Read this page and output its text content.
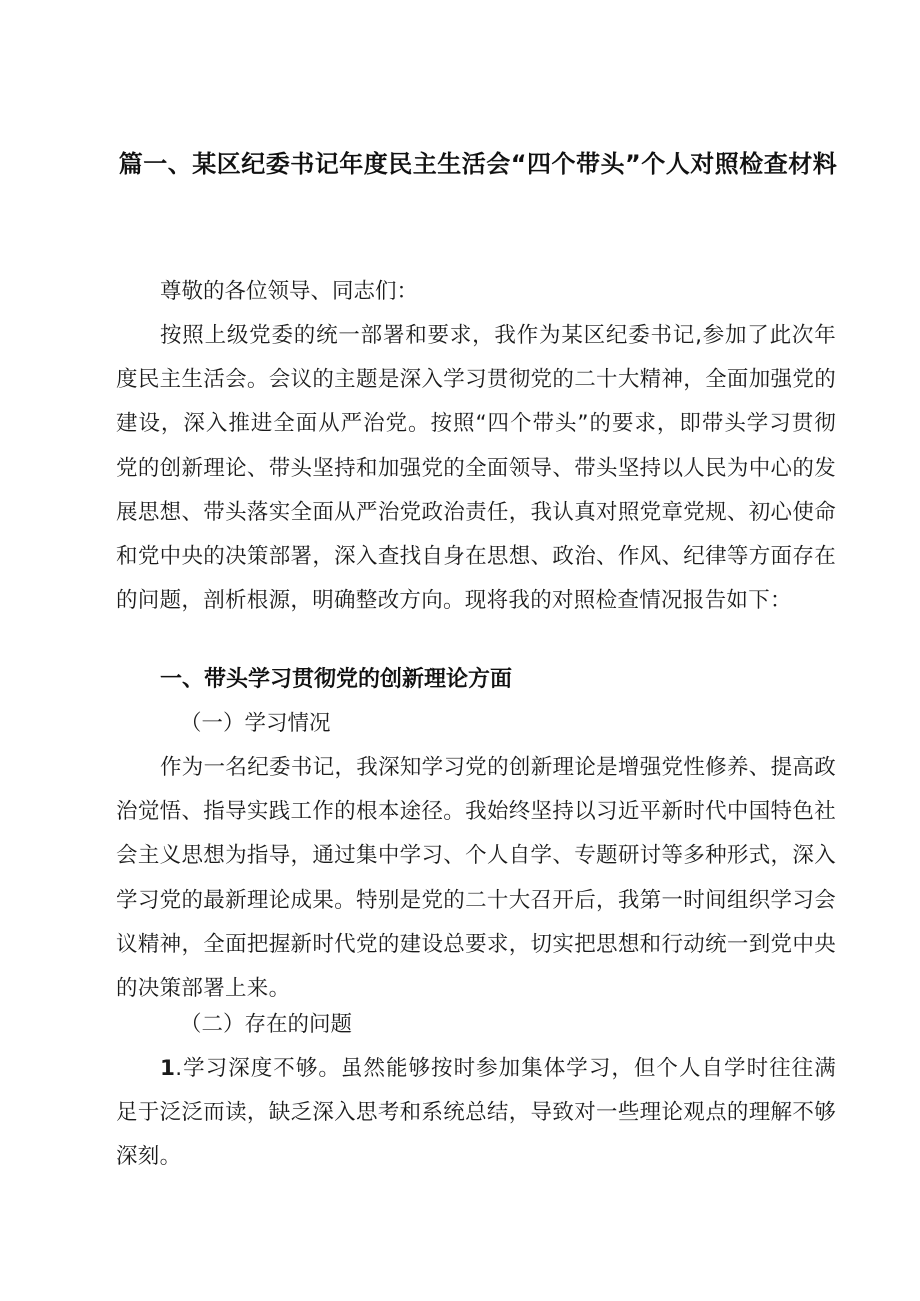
篇一、某区纪委书记年度民主生活会“四个带头”个人对照检查材料
尊敬的各位领导、同志们：
按照上级党委的统一部署和要求，我作为某区纪委书记,参加了此次年度民主生活会。会议的主题是深入学习贯彻党的二十大精神，全面加强党的建设，深入推进全面从严治党。按照“四个带头”的要求，即带头学习贯彻党的创新理论、带头坚持和加强党的全面领导、带头坚持以人民为中心的发展思想、带头落实全面从严治党政治责任，我认真对照党章党规、初心使命和党中央的决策部署，深入查找自身在思想、政治、作风、纪律等方面存在的问题，剖析根源，明确整改方向。现将我的对照检查情况报告如下：
一、带头学习贯彻党的创新理论方面
（一）学习情况
作为一名纪委书记，我深知学习党的创新理论是增强党性修养、提高政治觉悟、指导实践工作的根本途径。我始终坚持以习近平新时代中国特色社会主义思想为指导，通过集中学习、个人自学、专题研讨等多种形式，深入学习党的最新理论成果。特别是党的二十大召开后，我第一时间组织学习会议精神，全面把握新时代党的建设总要求，切实把思想和行动统一到党中央的决策部署上来。
（二）存在的问题
1.学习深度不够。虽然能够按时参加集体学习，但个人自学时往往满足于泛泛而读，缺乏深入思考和系统总结，导致对一些理论观点的理解不够深刻。
